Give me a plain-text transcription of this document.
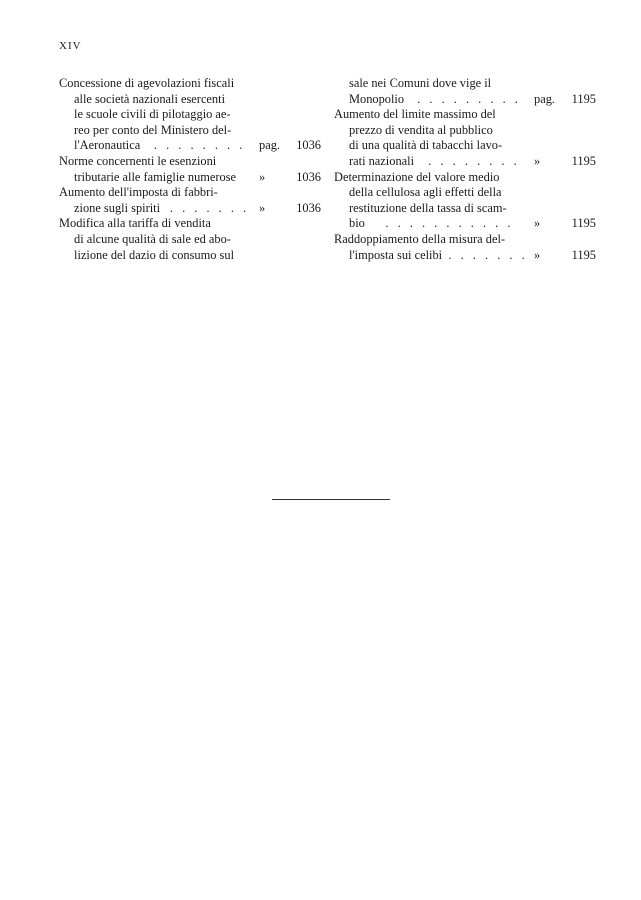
XIV
Concessione di agevolazioni fiscali
alle società nazionali esercenti
le scuole civili di pilotaggio ae-
reo per conto del Ministero del-
l'Aeronautica	. . . . . . . .	pag.	1036
Norme concernenti le esenzioni
tributarie alle famiglie numerose »	1036
Aumento dell'imposta di fabbri-
zione sugli spiriti . . . . . . . »	1036
Modifica alla tariffa di vendita
di alcune qualità di sale ed abo-
lizione del dazio di consumo sul
sale nei Comuni dove vige il
Monopolio	. . . . . . . . .	pag.	1195
Aumento del limite massimo del
prezzo di vendita al pubblico
di una qualità di tabacchi lavo-
rati nazionali	. . . . . . . .	»	1195
Determinazione del valore medio
della cellulosa agli effetti della
restituzione della tassa di scam-
bio	. . . . . . . . . . .	»	1195
Raddoppiamento della misura del-
l'imposta sui celibi . . . . . . . »	1195
